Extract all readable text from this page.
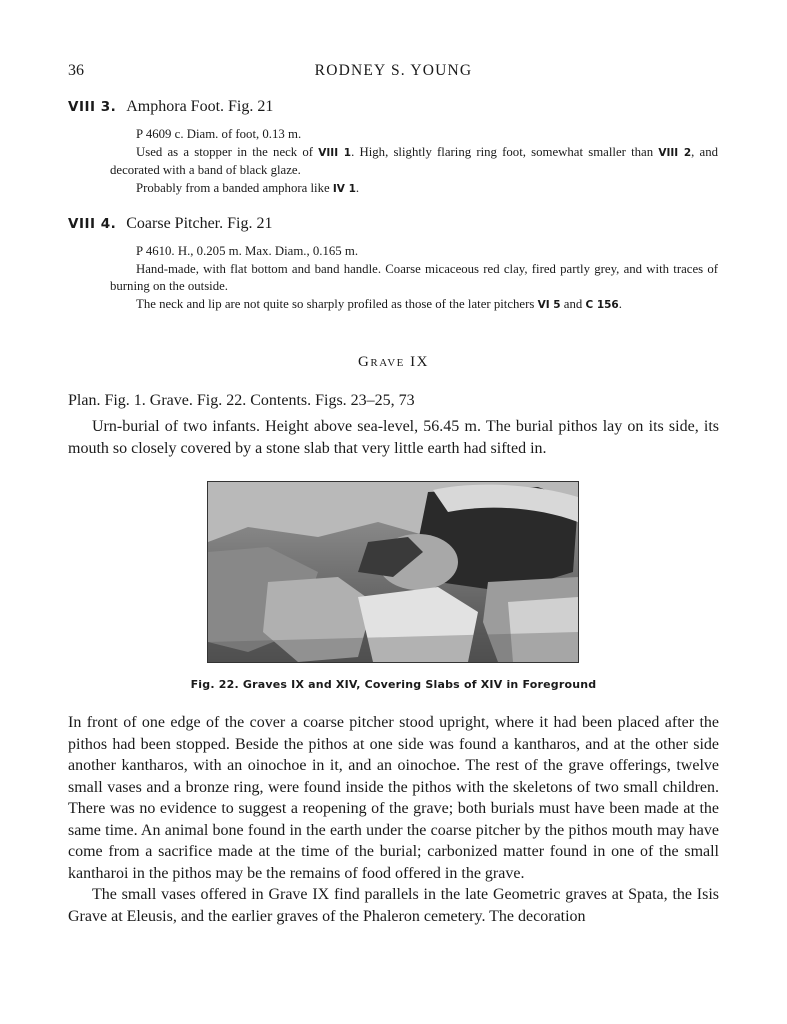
36	RODNEY S. YOUNG
VIII 3. Amphora Foot. Fig. 21

P 4609 c. Diam. of foot, 0.13 m.

Used as a stopper in the neck of VIII 1. High, slightly flaring ring foot, somewhat smaller than VIII 2, and decorated with a band of black glaze.

Probably from a banded amphora like IV 1.

VIII 4. Coarse Pitcher. Fig. 21

P 4610. H., 0.205 m. Max. Diam., 0.165 m.

Hand-made, with flat bottom and band handle. Coarse micaceous red clay, fired partly grey, and with traces of burning on the outside.

The neck and lip are not quite so sharply profiled as those of the later pitchers VI 5 and C 156.

Grave IX
Plan. Fig. 1. Grave. Fig. 22. Contents. Figs. 23–25, 73

Urn-burial of two infants. Height above sea-level, 56.45 m. The burial pithos lay on its side, its mouth so closely covered by a stone slab that very little earth had sifted in.

Fig. 22. Graves IX and XIV, Covering Slabs of XIV in Foreground

In front of one edge of the cover a coarse pitcher stood upright, where it had been placed after the pithos had been stopped. Beside the pithos at one side was found a kantharos, and at the other side another kantharos, with an oinochoe in it, and an oinochoe. The rest of the grave offerings, twelve small vases and a bronze ring, were found inside the pithos with the skeletons of two small children. There was no evidence to suggest a reopening of the grave; both burials must have been made at the same time. An animal bone found in the earth under the coarse pitcher by the pithos mouth may have come from a sacrifice made at the time of the burial; carbonized matter found in one of the small kantharoi in the pithos may be the remains of food offered in the grave.

The small vases offered in Grave IX find parallels in the late Geometric graves at Spata, the Isis Grave at Eleusis, and the earlier graves of the Phaleron cemetery. The decoration
